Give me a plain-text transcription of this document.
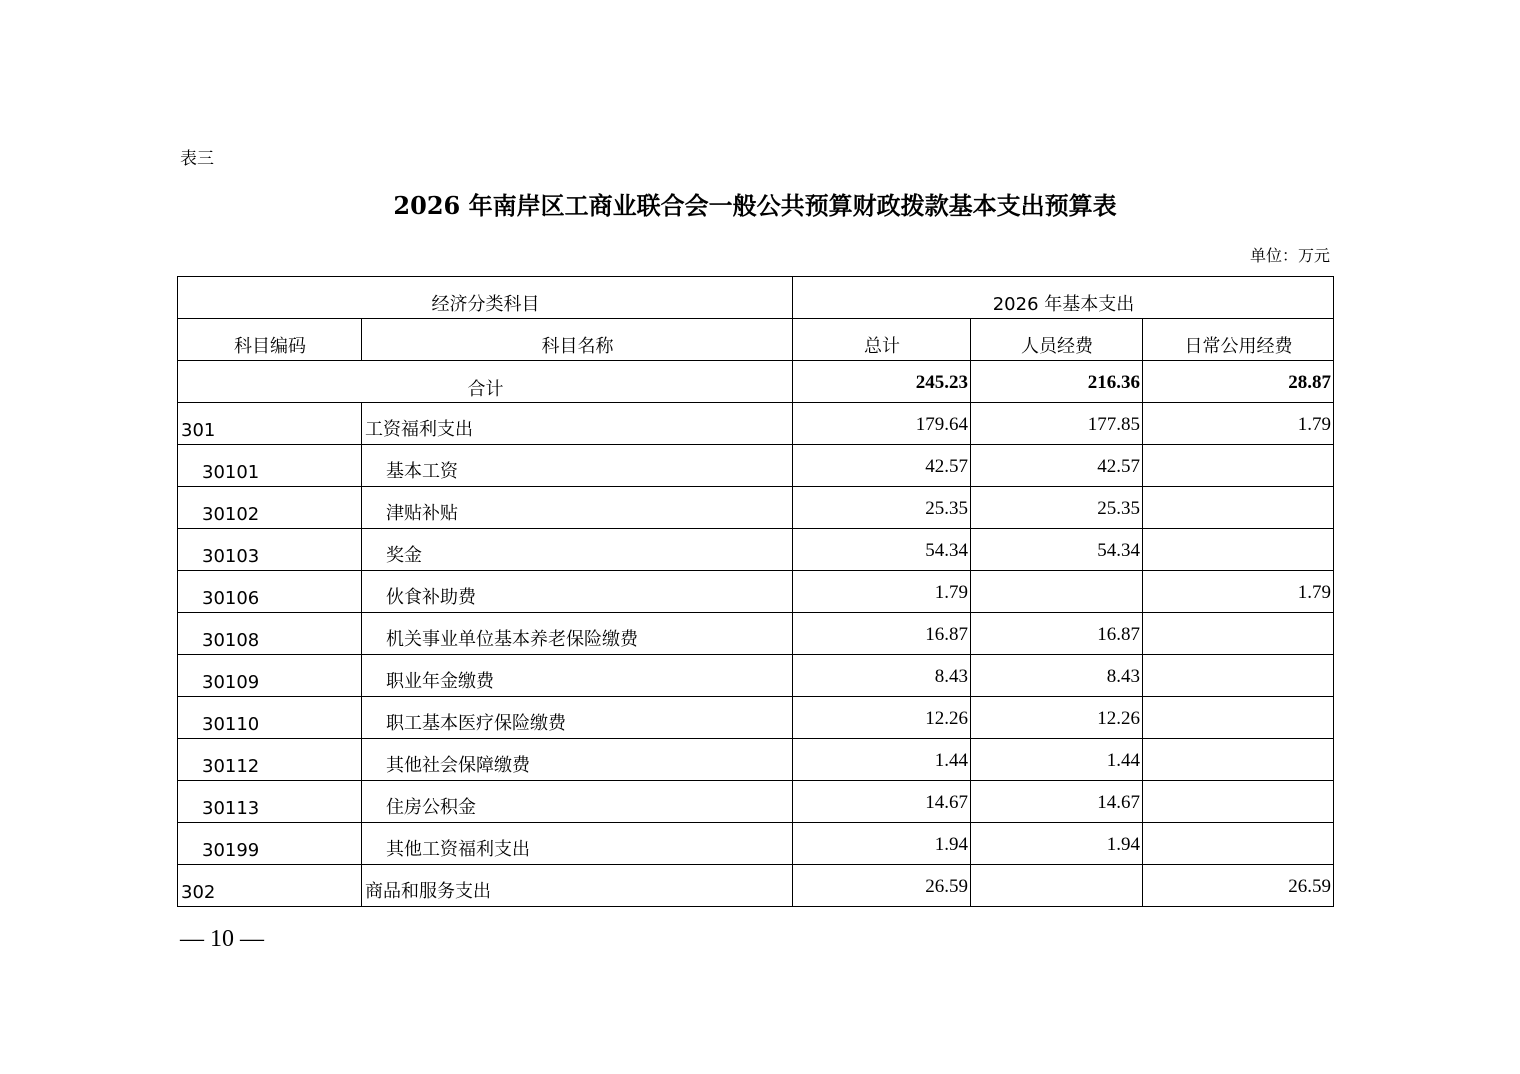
表三
2026 年南岸区工商业联合会一般公共预算财政拨款基本支出预算表
单位：万元
经济分类科目		2026 年基本支出		
科目编码	科目名称	总计	人员经费	日常公用经费
合计		245.23	216.36	28.87
301	工资福利支出	179.64	177.85	1.79
30101	基本工资	42.57	42.57	
30102	津贴补贴	25.35	25.35	
30103	奖金	54.34	54.34	
30106	伙食补助费	1.79		1.79
30108	机关事业单位基本养老保险缴费	16.87	16.87	
30109	职业年金缴费	8.43	8.43	
30110	职工基本医疗保险缴费	12.26	12.26	
30112	其他社会保障缴费	1.44	1.44	
30113	住房公积金	14.67	14.67	
30199	其他工资福利支出	1.94	1.94	
302	商品和服务支出	26.59		26.59
— 10 —
